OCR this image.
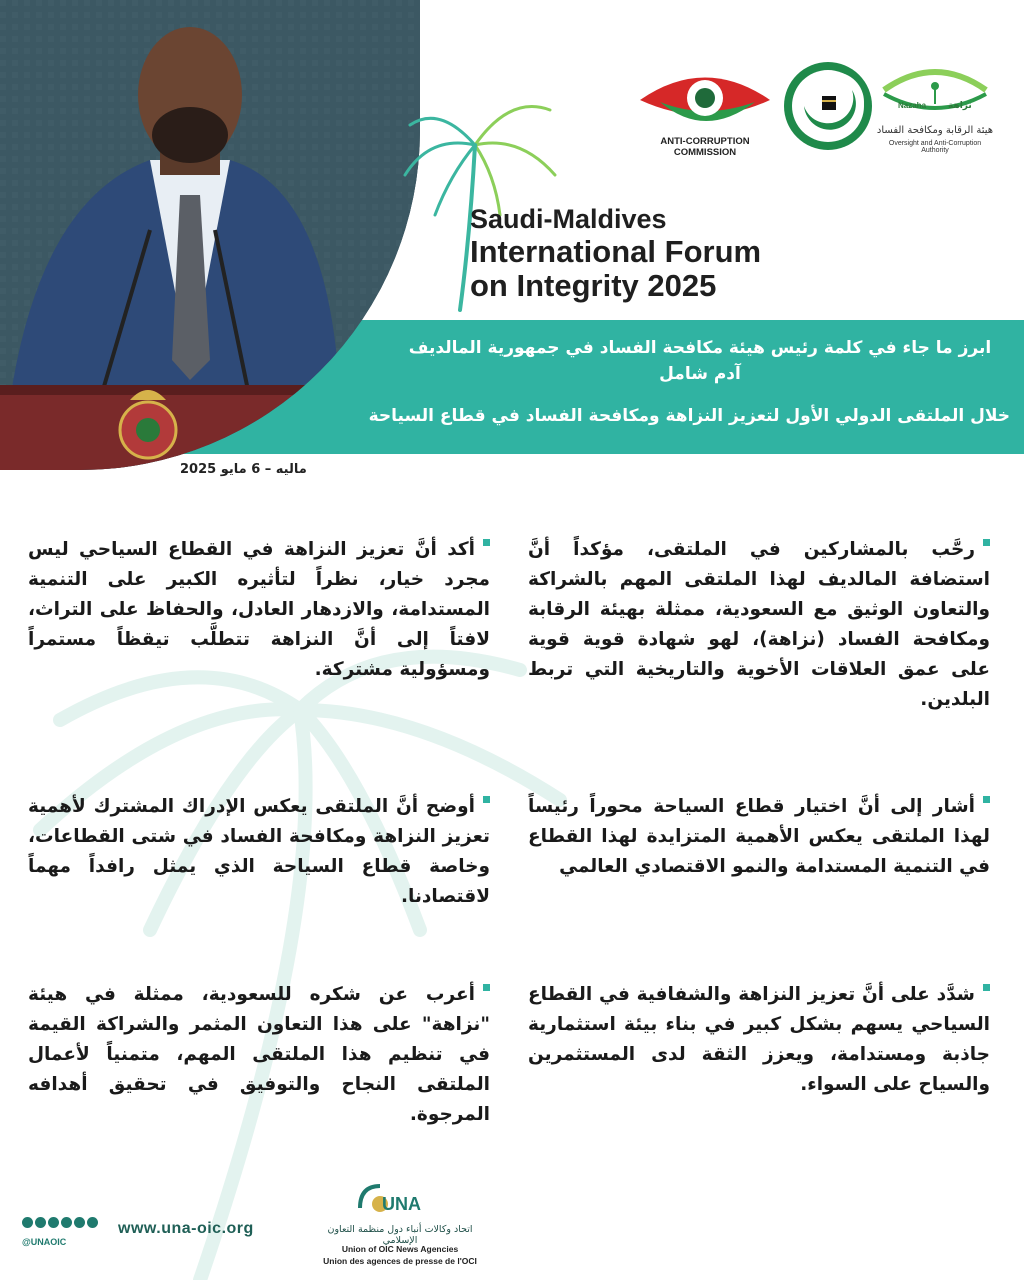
Saudi-Maldives
International Forum
on Integrity 2025
ANTI-CORRUPTION COMMISSION
Nazaha نزاهة
هيئة الرقابة ومكافحة الفساد
Oversight and Anti-Corruption Authority
ابرز ما جاء في كلمة رئيس هيئة مكافحة الفساد في جمهورية المالديف
آدم شامل
خلال الملتقى الدولي الأول لتعزيز النزاهة ومكافحة الفساد في قطاع السياحة
ماليه – 6 مايو 2025
رحَّب بالمشاركين في الملتقى، مؤكداً أنَّ استضافة المالديف لهذا الملتقى المهم بالشراكة والتعاون الوثيق مع السعودية، ممثلة بهيئة الرقابة ومكافحة الفساد (نزاهة)، لهو شهادة قوية قوية على عمق العلاقات الأخوية والتاريخية التي تربط البلدين.
أكد أنَّ تعزيز النزاهة في القطاع السياحي ليس مجرد خيار، نظراً لتأثيره الكبير على التنمية المستدامة، والازدهار العادل، والحفاظ على التراث، لافتاً إلى أنَّ النزاهة تتطلَّب تيقظاً مستمراً ومسؤولية مشتركة.
أشار إلى أنَّ اختيار قطاع السياحة محوراً رئيساً لهذا الملتقى يعكس الأهمية المتزايدة لهذا القطاع في التنمية المستدامة والنمو الاقتصادي العالمي
أوضح أنَّ الملتقى يعكس الإدراك المشترك لأهمية تعزيز النزاهة ومكافحة الفساد في شتى القطاعات، وخاصة قطاع السياحة الذي يمثل رافداً مهماً لاقتصادنا.
شدَّد على أنَّ تعزيز النزاهة والشفافية في القطاع السياحي يسهم بشكل كبير في بناء بيئة استثمارية جاذبة ومستدامة، ويعزز الثقة لدى المستثمرين والسياح على السواء.
أعرب عن شكره للسعودية، ممثلة في هيئة "نزاهة" على هذا التعاون المثمر والشراكة القيمة في تنظيم هذا الملتقى المهم، متمنياً لأعمال الملتقى النجاح والتوفيق في تحقيق أهدافه المرجوة.
@UNAOIC
www.una-oic.org
UNA
اتحاد وكالات أنباء دول منظمة التعاون الإسلامي
Union of OIC News Agencies
Union des agences de presse de l'OCI
